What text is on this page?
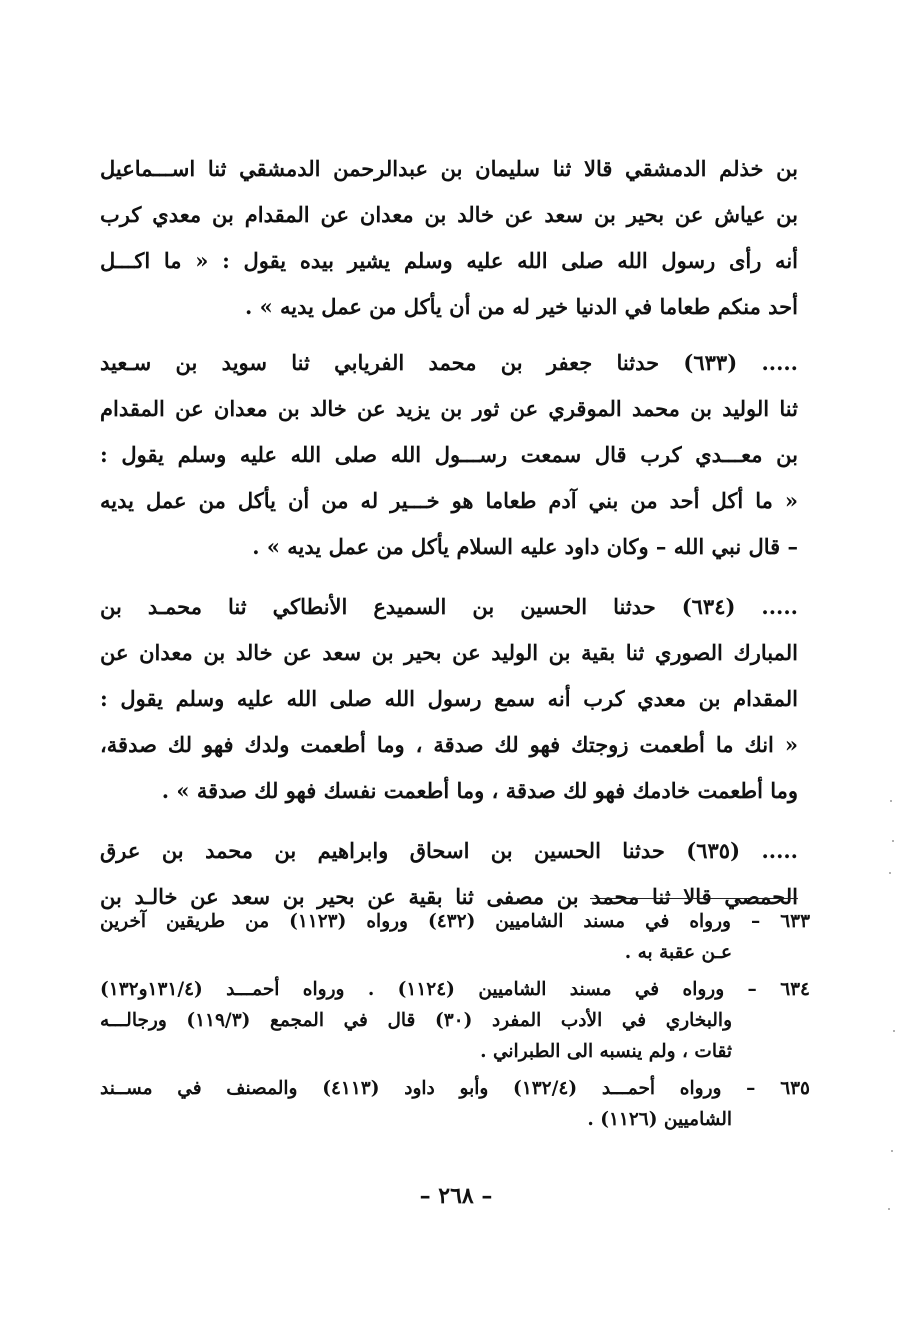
بن خذلم الدمشقي قالا ثنا سليمان بن عبدالرحمن الدمشقي ثنا اســـماعيل
بن عياش عن بحير بن سعد عن خالد بن معدان عن المقدام بن معدي كرب
أنه رأى رسول الله صلى الله عليه وسلم يشير بيده يقول : « ما اكـــل
أحد منكم طعاما في الدنيا خير له من أن يأكل من عمل يديه » .
..... (٦٣٣) حدثنا جعفر بن محمد الفريابي ثنا سويد بن سـعيد
ثنا الوليد بن محمد الموقري عن ثور بن يزيد عن خالد بن معدان عن المقدام
بن معـــدي كرب قال سمعت رســـول الله صلى الله عليه وسلم يقول :
« ما أكل أحد من بني آدم طعاما هو خـــير له من أن يأكل من عمل يديه
– قال نبي الله – وكان داود عليه السلام يأكل من عمل يديه » .
..... (٦٣٤) حدثنا الحسين بن السميدع الأنطاكي ثنا محمـد بن
المبارك الصوري ثنا بقية بن الوليد عن بحير بن سعد عن خالد بن معدان عن
المقدام بن معدي كرب أنه سمع رسول الله صلى الله عليه وسلم يقول :
« انك ما أطعمت زوجتك فهو لك صدقة ، وما أطعمت ولدك فهو لك صدقة،
وما أطعمت خادمك فهو لك صدقة ، وما أطعمت نفسك فهو لك صدقة » .
..... (٦٣٥) حدثنا الحسين بن اسحاق وابراهيم بن محمد بن عرق
الحمصي قالا ثنا محمد بن مصفى ثنا بقية عن بحير بن سعد عن خالـد بن
٦٣٣ – ورواه في مسند الشاميين (٤٣٢) ورواه (١١٢٣) من طريقين آخرين
عـن عقبة به .
٦٣٤ – ورواه في مسند الشاميين (١١٢٤) . ورواه أحمـــد (١٣١/٤و١٣٢)
والبخاري في الأدب المفرد (٣٠) قال في المجمع (١١٩/٣) ورجالـــه
ثقات ، ولم ينسبه الى الطبراني .
٦٣٥ – ورواه أحمـــد (١٣٢/٤) وأبو داود (٤١١٣) والمصنف في مســند
الشاميين (١١٢٦) .
– ٢٦٨ –
